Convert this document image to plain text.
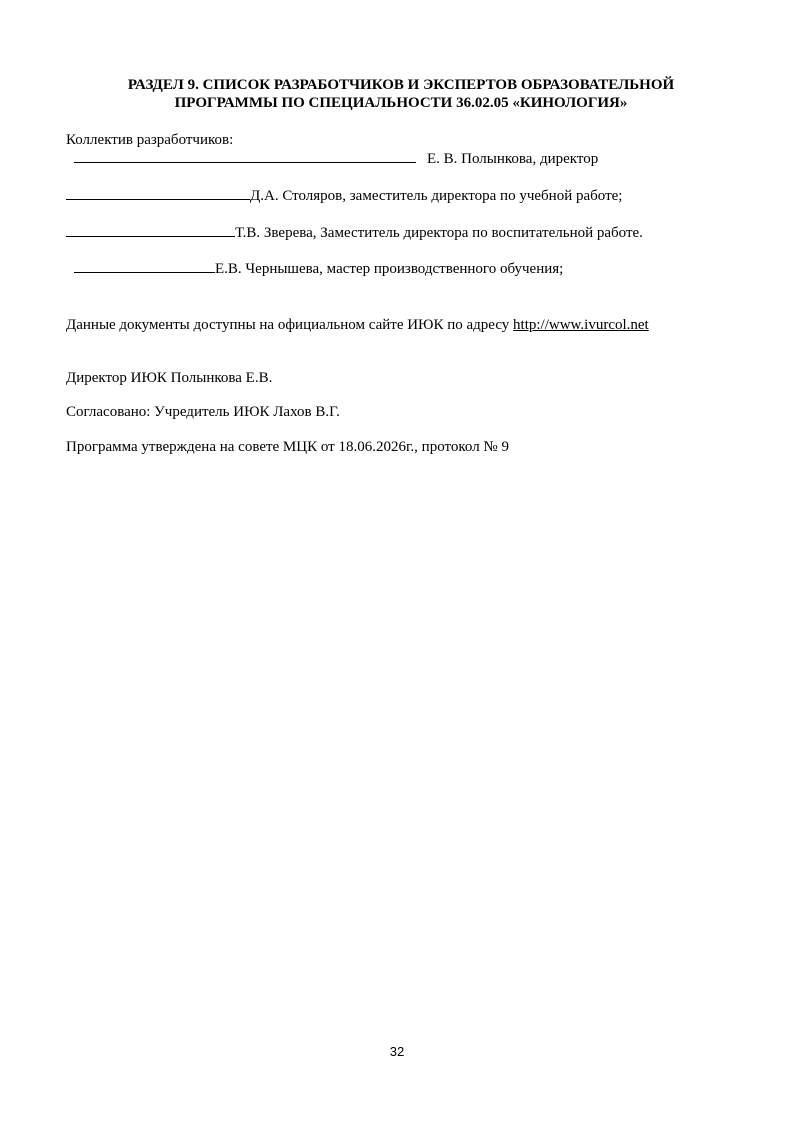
РАЗДЕЛ 9. СПИСОК РАЗРАБОТЧИКОВ И ЭКСПЕРТОВ ОБРАЗОВАТЕЛЬНОЙ
ПРОГРАММЫ ПО СПЕЦИАЛЬНОСТИ 36.02.05 «КИНОЛОГИЯ»
Коллектив разработчиков:
Е. В. Полынкова, директор
Д.А. Столяров, заместитель директора по учебной работе;
Т.В. Зверева, Заместитель директора по воспитательной работе.
Е.В. Чернышева, мастер производственного обучения;
Данные документы доступны на официальном сайте ИЮК по адресу http://www.ivurcol.net
Директор ИЮК Полынкова Е.В.
Согласовано: Учредитель ИЮК Лахов В.Г.
Программа утверждена на совете МЦК от 18.06.2026г., протокол № 9
32
